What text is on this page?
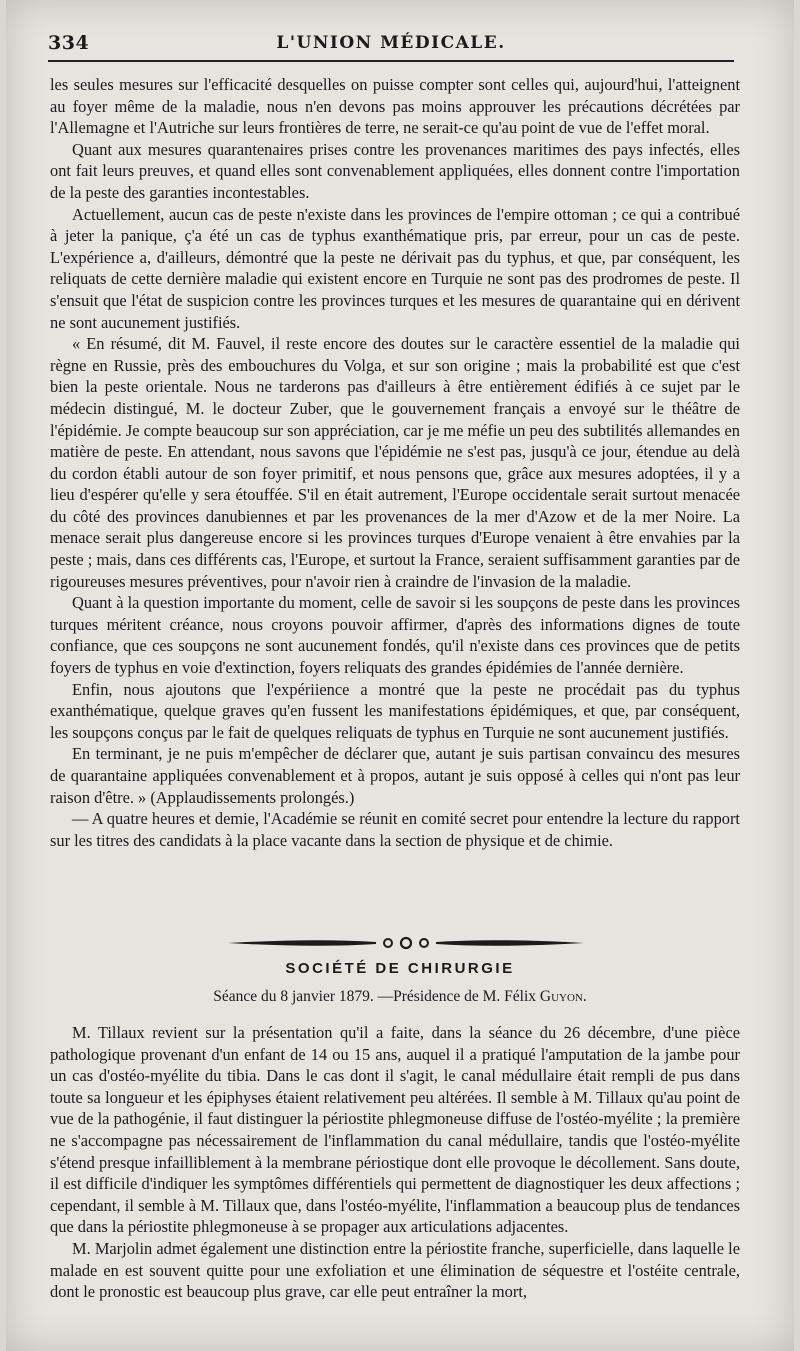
334	L'UNION MÉDICALE.

les seules mesures sur l'efficacité desquelles on puisse compter sont celles qui, aujourd'hui, l'atteignent au foyer même de la maladie, nous n'en devons pas moins approuver les précautions décrétées par l'Allemagne et l'Autriche sur leurs frontières de terre, ne serait-ce qu'au point de vue de l'effet moral.

Quant aux mesures quarantenaires prises contre les provenances maritimes des pays infectés, elles ont fait leurs preuves, et quand elles sont convenablement appliquées, elles donnent contre l'importation de la peste des garanties incontestables.

Actuellement, aucun cas de peste n'existe dans les provinces de l'empire ottoman ; ce qui a contribué à jeter la panique, ç'a été un cas de typhus exanthématique pris, par erreur, pour un cas de peste. L'expérience a, d'ailleurs, démontré que la peste ne dérivait pas du typhus, et que, par conséquent, les reliquats de cette dernière maladie qui existent encore en Turquie ne sont pas des prodromes de peste. Il s'ensuit que l'état de suspicion contre les provinces turques et les mesures de quarantaine qui en dérivent ne sont aucunement justifiés.

« En résumé, dit M. Fauvel, il reste encore des doutes sur le caractère essentiel de la maladie qui règne en Russie, près des embouchures du Volga, et sur son origine ; mais la probabilité est que c'est bien la peste orientale. Nous ne tarderons pas d'ailleurs à être entièrement édifiés à ce sujet par le médecin distingué, M. le docteur Zuber, que le gouvernement français a envoyé sur le théâtre de l'épidémie. Je compte beaucoup sur son appréciation, car je me méfie un peu des subtilités allemandes en matière de peste. En attendant, nous savons que l'épidémie ne s'est pas, jusqu'à ce jour, étendue au delà du cordon établi autour de son foyer primitif, et nous pensons que, grâce aux mesures adoptées, il y a lieu d'espérer qu'elle y sera étouffée. S'il en était autrement, l'Europe occidentale serait surtout menacée du côté des provinces danubiennes et par les provenances de la mer d'Azow et de la mer Noire. La menace serait plus dangereuse encore si les provinces turques d'Europe venaient à être envahies par la peste ; mais, dans ces différents cas, l'Europe, et surtout la France, seraient suffisamment garanties par de rigoureuses mesures préventives, pour n'avoir rien à craindre de l'invasion de la maladie.

Quant à la question importante du moment, celle de savoir si les soupçons de peste dans les provinces turques méritent créance, nous croyons pouvoir affirmer, d'après des informations dignes de toute confiance, que ces soupçons ne sont aucunement fondés, qu'il n'existe dans ces provinces que de petits foyers de typhus en voie d'extinction, foyers reliquats des grandes épidémies de l'année dernière.

Enfin, nous ajoutons que l'expériience a montré que la peste ne procédait pas du typhus exanthématique, quelque graves qu'en fussent les manifestations épidémiques, et que, par conséquent, les soupçons conçus par le fait de quelques reliquats de typhus en Turquie ne sont aucunement justifiés.

En terminant, je ne puis m'empêcher de déclarer que, autant je suis partisan convaincu des mesures de quarantaine appliquées convenablement et à propos, autant je suis opposé à celles qui n'ont pas leur raison d'être. » (Applaudissements prolongés.)

— A quatre heures et demie, l'Académie se réunit en comité secret pour entendre la lecture du rapport sur les titres des candidats à la place vacante dans la section de physique et de chimie.

SOCIÉTÉ DE CHIRURGIE
Séance du 8 janvier 1879. —Présidence de M. Félix Guyon.

M. Tillaux revient sur la présentation qu'il a faite, dans la séance du 26 décembre, d'une pièce pathologique provenant d'un enfant de 14 ou 15 ans, auquel il a pratiqué l'amputation de la jambe pour un cas d'ostéo-myélite du tibia. Dans le cas dont il s'agit, le canal médullaire était rempli de pus dans toute sa longueur et les épiphyses étaient relativement peu altérées. Il semble à M. Tillaux qu'au point de vue de la pathogénie, il faut distinguer la périostite phlegmoneuse diffuse de l'ostéo-myélite ; la première ne s'accompagne pas nécessairement de l'inflammation du canal médullaire, tandis que l'ostéo-myélite s'étend presque infailliblement à la membrane périostique dont elle provoque le décollement. Sans doute, il est difficile d'indiquer les symptômes différentiels qui permettent de diagnostiquer les deux affections ; cependant, il semble à M. Tillaux que, dans l'ostéo-myélite, l'inflammation a beaucoup plus de tendances que dans la périostite phlegmoneuse à se propager aux articulations adjacentes.

M. Marjolin admet également une distinction entre la périostite franche, superficielle, dans laquelle le malade en est souvent quitte pour une exfoliation et une élimination de séquestre et l'ostéite centrale, dont le pronostic est beaucoup plus grave, car elle peut entraîner la mort,
